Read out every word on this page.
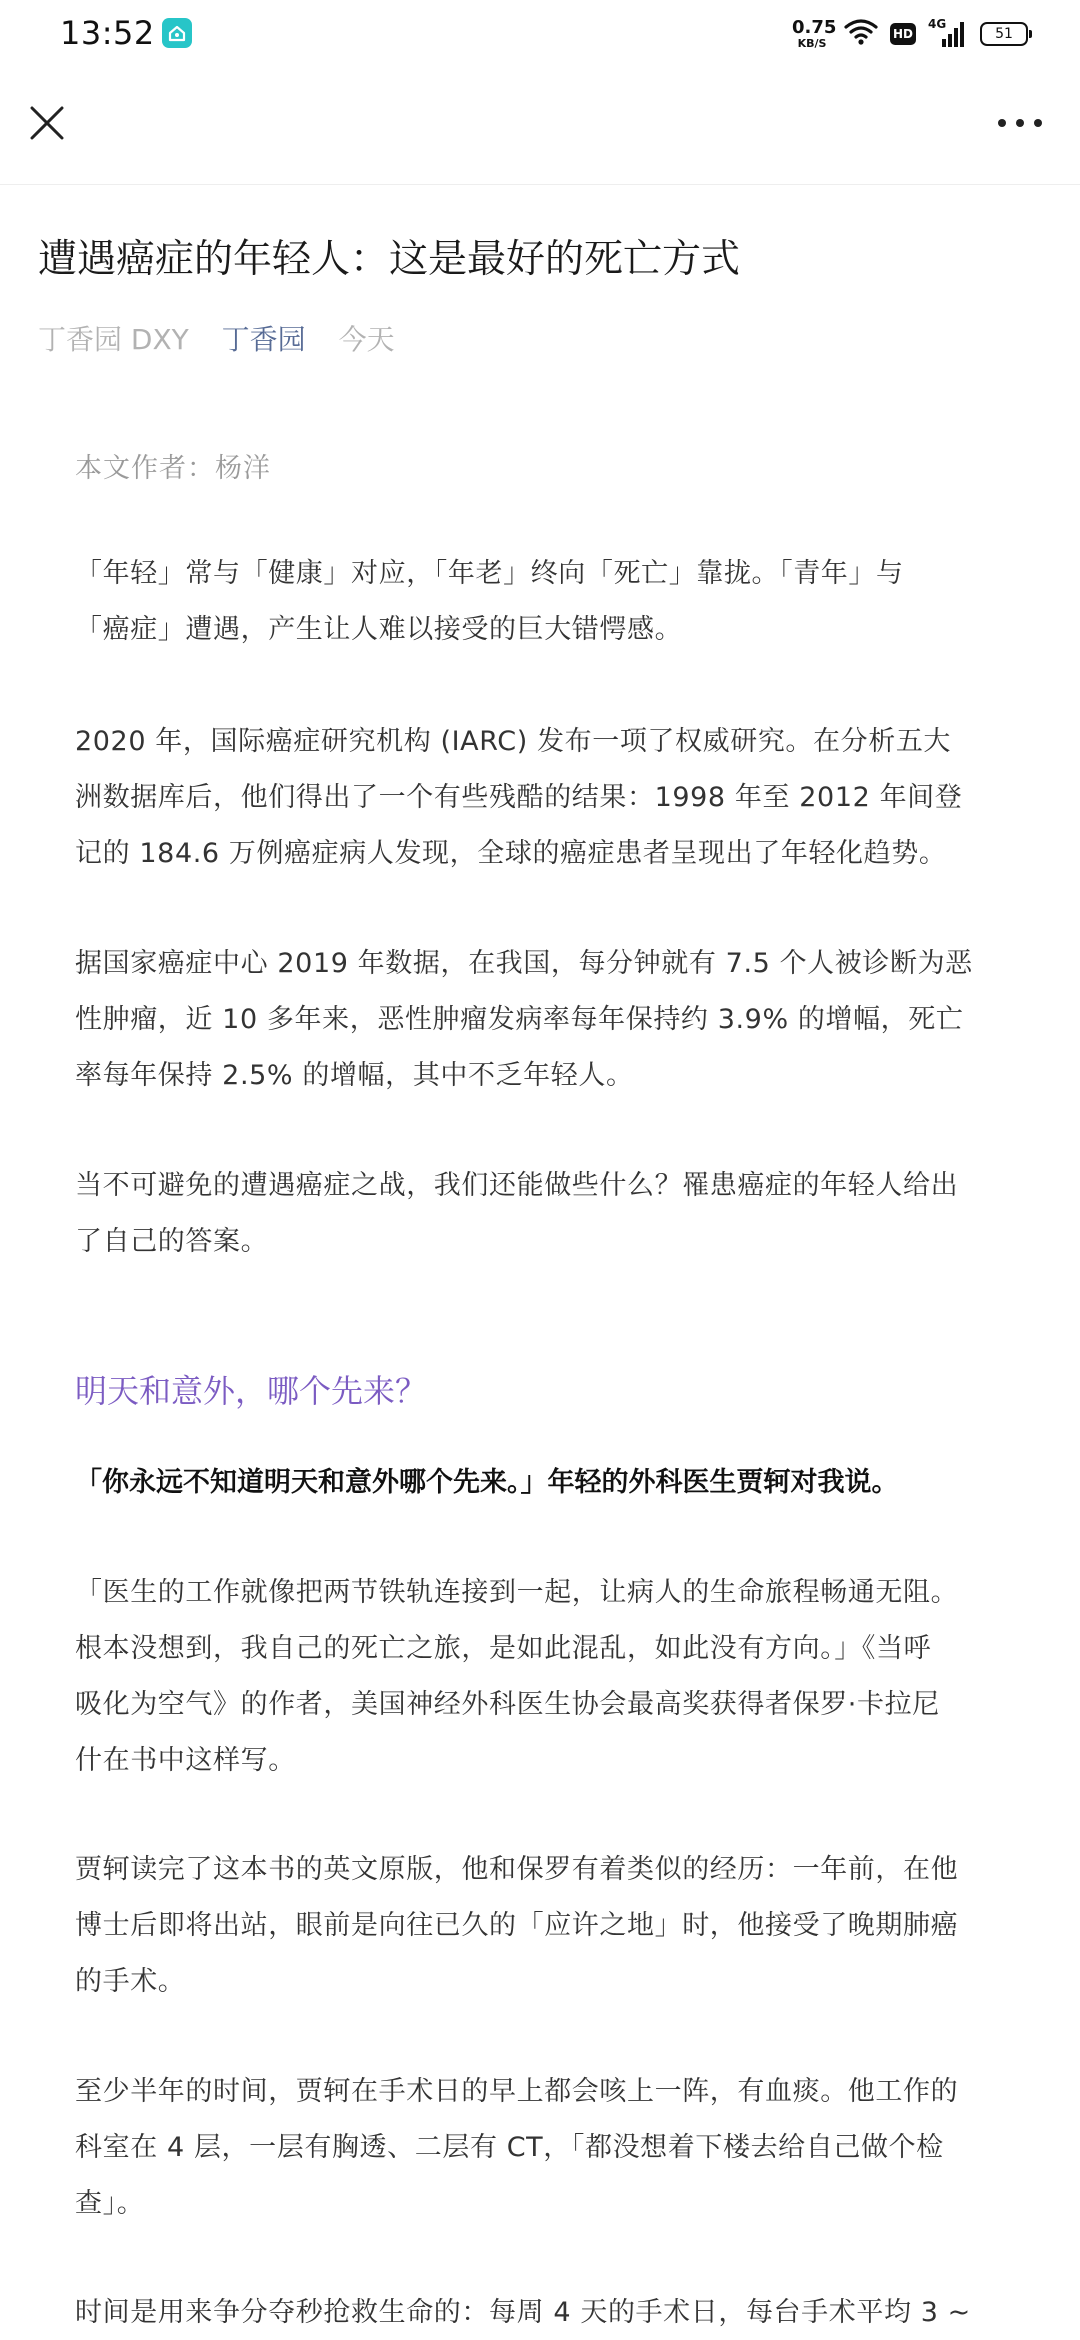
13:52	0.75
KB/S
HD
4G
51
遭遇癌症的年轻人：这是最好的死亡方式
丁香园 DXY 丁香园 今天
本文作者：杨洋

「年轻」常与「健康」对应，「年老」终向「死亡」靠拢。「青年」与
「癌症」遭遇，产生让人难以接受的巨大错愕感。

2020 年，国际癌症研究机构 (IARC) 发布一项了权威研究。在分析五大
洲数据库后，他们得出了一个有些残酷的结果：1998 年至 2012 年间登
记的 184.6 万例癌症病人发现，全球的癌症患者呈现出了年轻化趋势。

据国家癌症中心 2019 年数据，在我国，每分钟就有 7.5 个人被诊断为恶
性肿瘤，近 10 多年来，恶性肿瘤发病率每年保持约 3.9% 的增幅，死亡
率每年保持 2.5% 的增幅，其中不乏年轻人。

当不可避免的遭遇癌症之战，我们还能做些什么？罹患癌症的年轻人给出
了自己的答案。

明天和意外，哪个先来？

「你永远不知道明天和意外哪个先来。」年轻的外科医生贾轲对我说。

「医生的工作就像把两节铁轨连接到一起，让病人的生命旅程畅通无阻。
根本没想到，我自己的死亡之旅，是如此混乱，如此没有方向。」《当呼
吸化为空气》的作者，美国神经外科医生协会最高奖获得者保罗·卡拉尼
什在书中这样写。

贾轲读完了这本书的英文原版，他和保罗有着类似的经历：一年前，在他
博士后即将出站，眼前是向往已久的「应许之地」时，他接受了晚期肺癌
的手术。

至少半年的时间，贾轲在手术日的早上都会咳上一阵，有血痰。他工作的
科室在 4 层，一层有胸透、二层有 CT，「都没想着下楼去给自己做个检
查」。

时间是用来争分夺秒抢救生命的：每周 4 天的手术日，每台手术平均 3 ~
